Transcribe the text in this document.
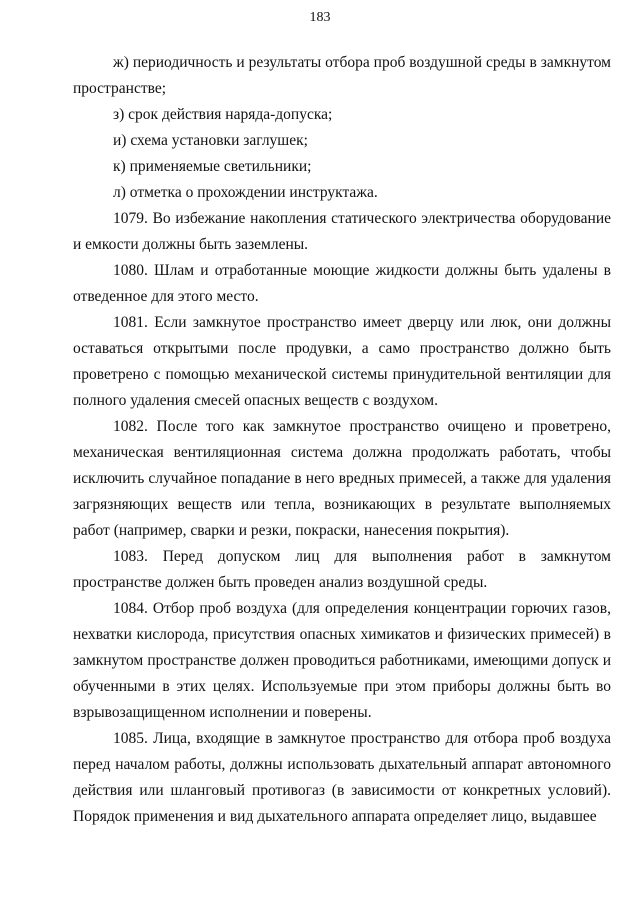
183

ж) периодичность и результаты отбора проб воздушной среды в замкнутом пространстве;

з) срок действия наряда-допуска;

и) схема установки заглушек;

к) применяемые светильники;

л) отметка о прохождении инструктажа.

1079. Во избежание накопления статического электричества оборудование и емкости должны быть заземлены.

1080. Шлам и отработанные моющие жидкости должны быть удалены в отведенное для этого место.

1081. Если замкнутое пространство имеет дверцу или люк, они должны оставаться открытыми после продувки, а само пространство должно быть проветрено с помощью механической системы принудительной вентиляции для полного удаления смесей опасных веществ с воздухом.

1082. После того как замкнутое пространство очищено и проветрено, механическая вентиляционная система должна продолжать работать, чтобы исключить случайное попадание в него вредных примесей, а также для удаления загрязняющих веществ или тепла, возникающих в результате выполняемых работ (например, сварки и резки, покраски, нанесения покрытия).

1083. Перед допуском лиц для выполнения работ в замкнутом пространстве должен быть проведен анализ воздушной среды.

1084. Отбор проб воздуха (для определения концентрации горючих газов, нехватки кислорода, присутствия опасных химикатов и физических примесей) в замкнутом пространстве должен проводиться работниками, имеющими допуск и обученными в этих целях. Используемые при этом приборы должны быть во взрывозащищенном исполнении и поверены.

1085. Лица, входящие в замкнутое пространство для отбора проб воздуха перед началом работы, должны использовать дыхательный аппарат автономного действия или шланговый противогаз (в зависимости от конкретных условий). Порядок применения и вид дыхательного аппарата определяет лицо, выдавшее
